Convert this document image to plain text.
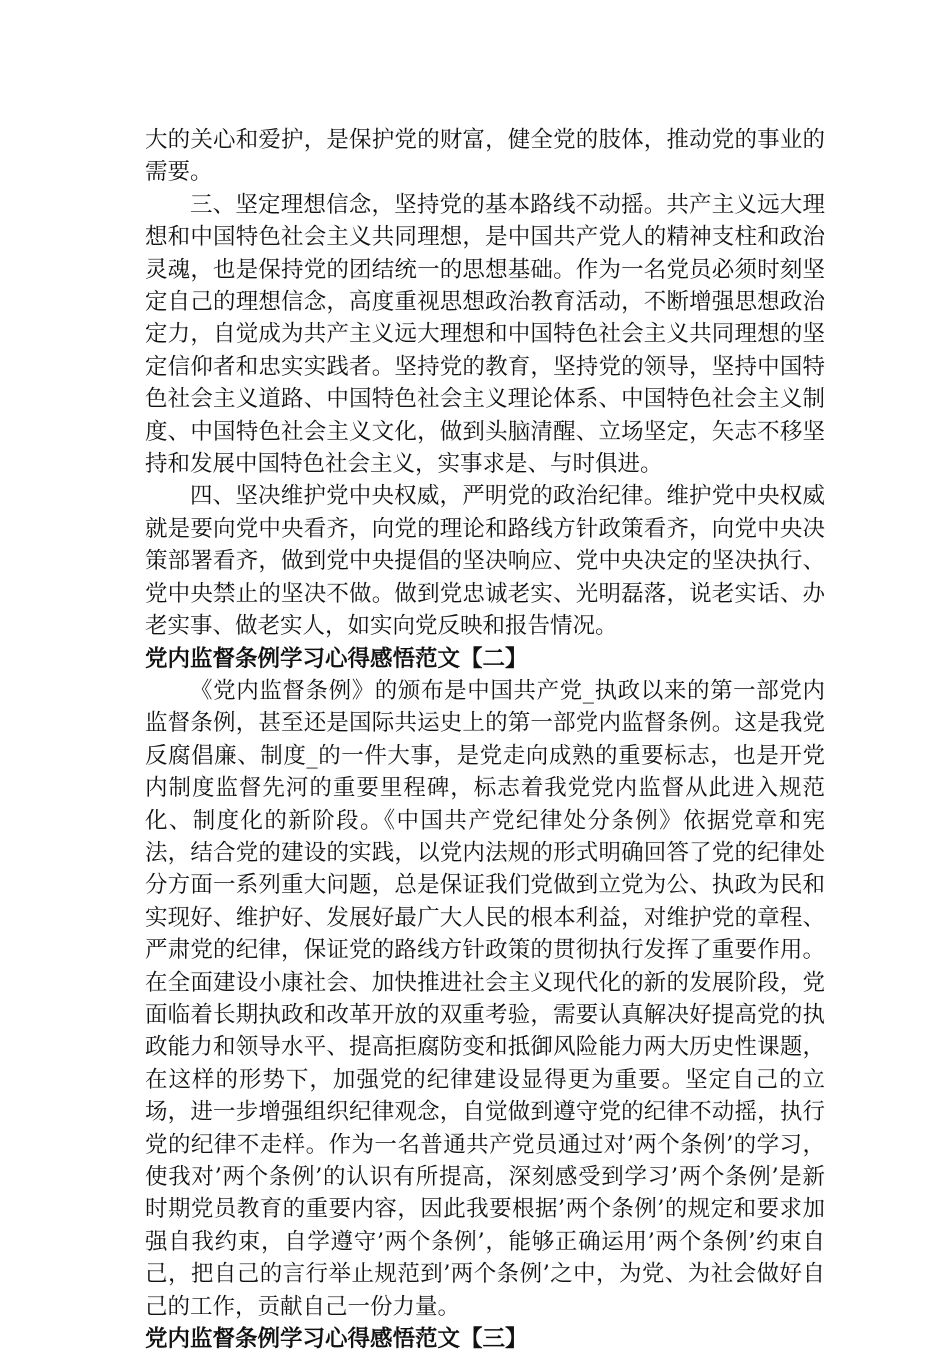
大的关心和爱护，是保护党的财富，健全党的肢体，推动党的事业的需要。

三、坚定理想信念，坚持党的基本路线不动摇。共产主义远大理想和中国特色社会主义共同理想，是中国共产党人的精神支柱和政治灵魂，也是保持党的团结统一的思想基础。作为一名党员必须时刻坚定自己的理想信念，高度重视思想政治教育活动，不断增强思想政治定力，自觉成为共产主义远大理想和中国特色社会主义共同理想的坚定信仰者和忠实实践者。坚持党的教育，坚持党的领导，坚持中国特色社会主义道路、中国特色社会主义理论体系、中国特色社会主义制度、中国特色社会主义文化，做到头脑清醒、立场坚定，矢志不移坚持和发展中国特色社会主义，实事求是、与时俱进。

四、坚决维护党中央权威，严明党的政治纪律。维护党中央权威就是要向党中央看齐，向党的理论和路线方针政策看齐，向党中央决策部署看齐，做到党中央提倡的坚决响应、党中央决定的坚决执行、党中央禁止的坚决不做。做到党忠诚老实、光明磊落，说老实话、办老实事、做老实人，如实向党反映和报告情况。

党内监督条例学习心得感悟范文【二】

《党内监督条例》的颁布是中国共产党_执政以来的第一部党内监督条例，甚至还是国际共运史上的第一部党内监督条例。这是我党反腐倡廉、制度_的一件大事，是党走向成熟的重要标志，也是开党内制度监督先河的重要里程碑，标志着我党党内监督从此进入规范化、制度化的新阶段。《中国共产党纪律处分条例》依据党章和宪法，结合党的建设的实践，以党内法规的形式明确回答了党的纪律处分方面一系列重大问题，总是保证我们党做到立党为公、执政为民和实现好、维护好、发展好最广大人民的根本利益，对维护党的章程、严肃党的纪律，保证党的路线方针政策的贯彻执行发挥了重要作用。在全面建设小康社会、加快推进社会主义现代化的新的发展阶段，党面临着长期执政和改革开放的双重考验，需要认真解决好提高党的执政能力和领导水平、提高拒腐防变和抵御风险能力两大历史性课题，在这样的形势下，加强党的纪律建设显得更为重要。坚定自己的立场，进一步增强组织纪律观念，自觉做到遵守党的纪律不动摇，执行党的纪律不走样。作为一名普通共产党员通过对’两个条例’的学习，使我对’两个条例’的认识有所提高，深刻感受到学习’两个条例’是新时期党员教育的重要内容，因此我要根据’两个条例’的规定和要求加强自我约束，自学遵守’两个条例’，能够正确运用’两个条例’约束自己，把自己的言行举止规范到’两个条例’之中，为党、为社会做好自己的工作，贡献自己一份力量。

党内监督条例学习心得感悟范文【三】
